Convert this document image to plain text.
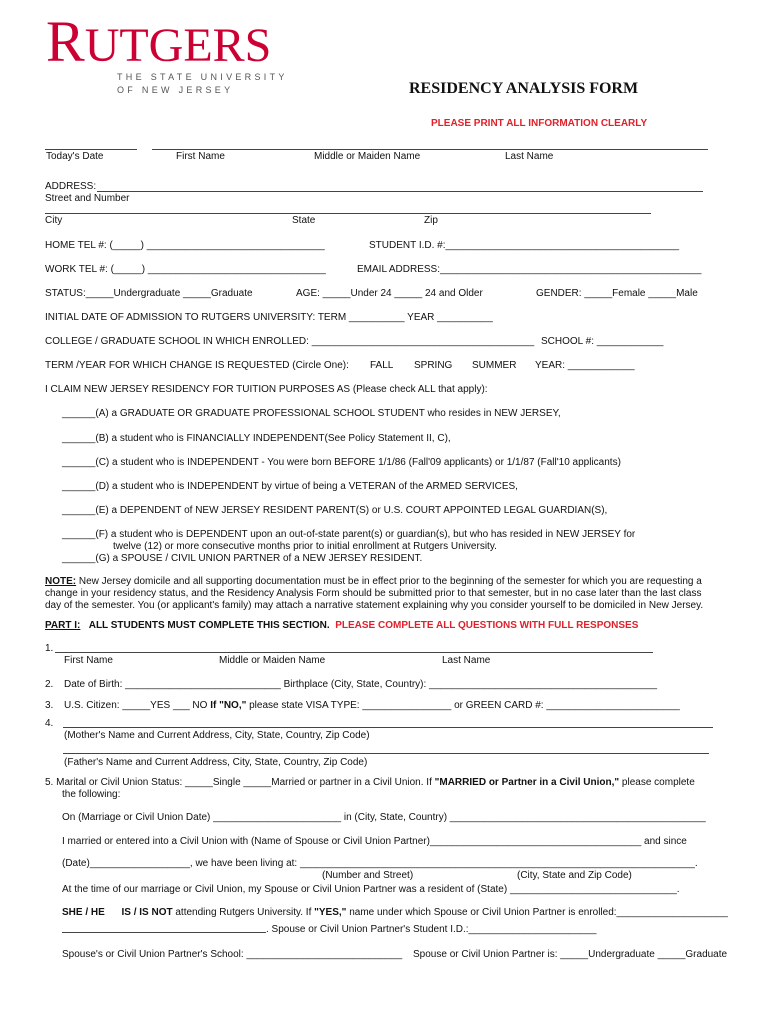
RUTGERS
THE STATE UNIVERSITY
OF NEW JERSEY	RESIDENCY ANALYSIS FORM
PLEASE PRINT ALL INFORMATION CLEARLY
Today's Date	First Name	Middle or Maiden Name	Last Name
ADDRESS:
Street and Number
City	State	Zip
HOME TEL #: (_____) ________________________________	STUDENT I.D. #:__________________________________________
WORK TEL #: (_____) ________________________________	EMAIL ADDRESS:_______________________________________________
STATUS:_____Undergraduate _____Graduate	AGE: _____Under 24 _____ 24 and Older	GENDER: _____Female _____Male
INITIAL DATE OF ADMISSION TO RUTGERS UNIVERSITY: TERM __________ YEAR __________
COLLEGE / GRADUATE SCHOOL IN WHICH ENROLLED: ________________________________________ SCHOOL #: ____________
TERM /YEAR FOR WHICH CHANGE IS REQUESTED (Circle One): FALL SPRING SUMMER YEAR: ____________
I CLAIM NEW JERSEY RESIDENCY FOR TUITION PURPOSES AS (Please check ALL that apply):
______(A) a GRADUATE OR GRADUATE PROFESSIONAL SCHOOL STUDENT who resides in NEW JERSEY,
______(B) a student who is FINANCIALLY INDEPENDENT(See Policy Statement II, C),
______(C) a student who is INDEPENDENT - You were born BEFORE 1/1/86 (Fall'09 applicants) or 1/1/87 (Fall'10 applicants)
______(D) a student who is INDEPENDENT by virtue of being a VETERAN of the ARMED SERVICES,
______(E) a DEPENDENT of NEW JERSEY RESIDENT PARENT(S) or U.S. COURT APPOINTED LEGAL GUARDIAN(S),
______(F) a student who is DEPENDENT upon an out-of-state parent(s) or guardian(s), but who has resided in NEW JERSEY for
twelve (12) or more consecutive months prior to initial enrollment at Rutgers University.
______(G) a SPOUSE / CIVIL UNION PARTNER of a NEW JERSEY RESIDENT.
NOTE: New Jersey domicile and all supporting documentation must be in effect prior to the beginning of the semester for which you are requesting a
change in your residency status, and the Residency Analysis Form should be submitted prior to that semester, but in no case later than the last class
day of the semester. You (or applicant's family) may attach a narrative statement explaining why you consider yourself to be domiciled in New Jersey.
PART I: ALL STUDENTS MUST COMPLETE THIS SECTION. PLEASE COMPLETE ALL QUESTIONS WITH FULL RESPONSES
1.
First Name	Middle or Maiden Name	Last Name
2. Date of Birth: ____________________________ Birthplace (City, State, Country): _________________________________________
3. U.S. Citizen: _____YES ___ NO If "NO," please state VISA TYPE: ________________ or GREEN CARD #: ________________________
4.
(Mother's Name and Current Address, City, State, Country, Zip Code)
(Father's Name and Current Address, City, State, Country, Zip Code)
5. Marital or Civil Union Status: _____Single _____Married or partner in a Civil Union. If "MARRIED or Partner in a Civil Union," please complete
the following:
On (Marriage or Civil Union Date) _______________________ in (City, State, Country) ______________________________________________
I married or entered into a Civil Union with (Name of Spouse or Civil Union Partner)______________________________________ and since
(Date)__________________, we have been living at: _______________________________________________________________________.
(Number and Street)	(City, State and Zip Code)
At the time of our marriage or Civil Union, my Spouse or Civil Union Partner was a resident of (State) ______________________________.
SHE / HE IS / IS NOT attending Rutgers University. If "YES," name under which Spouse or Civil Union Partner is enrolled:____________________
. Spouse or Civil Union Partner's Student I.D.:_______________________
Spouse's or Civil Union Partner's School: ____________________________ Spouse or Civil Union Partner is: _____Undergraduate _____Graduate
